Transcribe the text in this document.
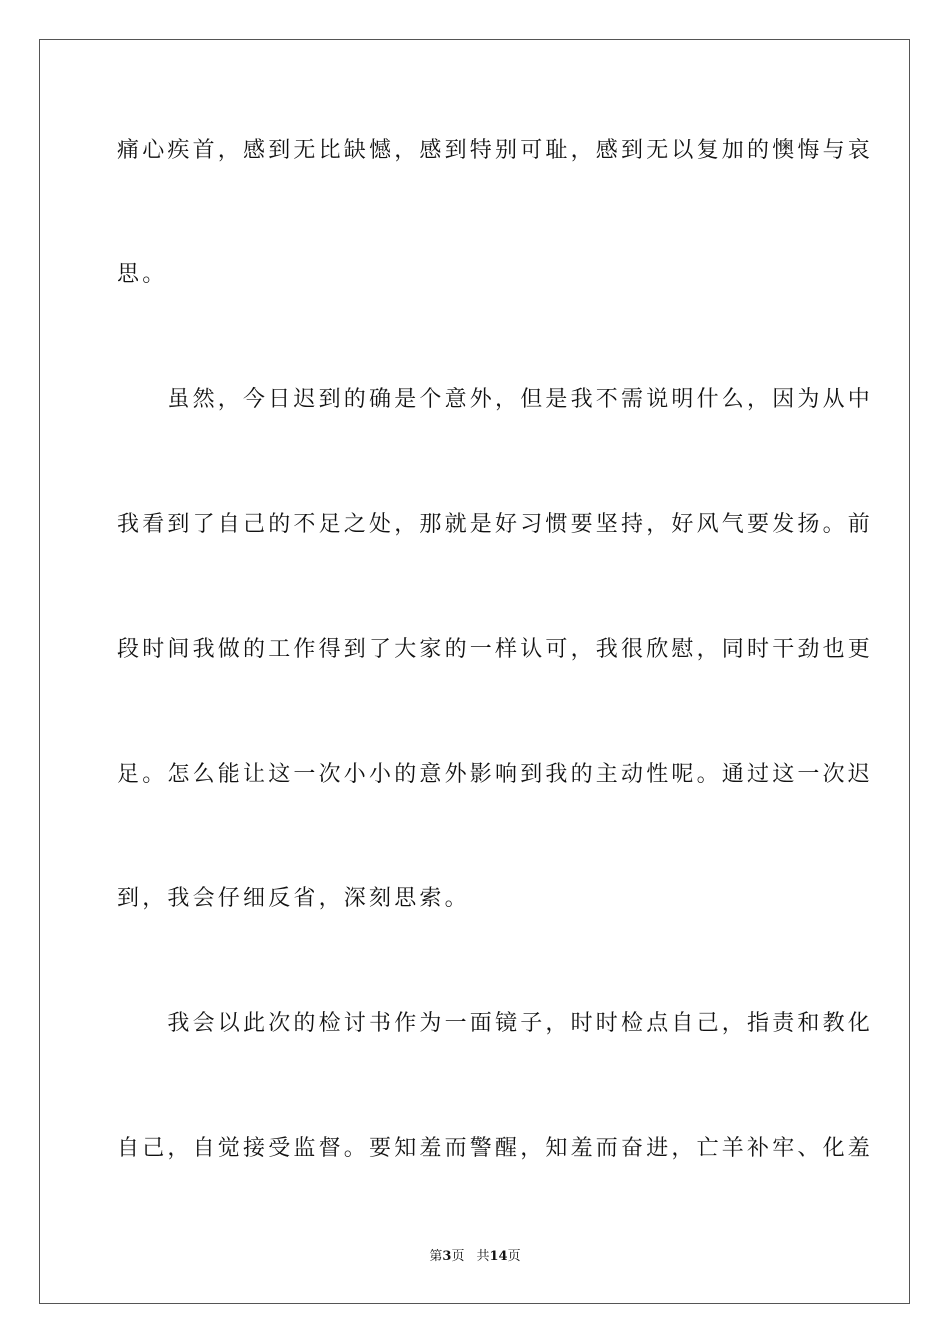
痛心疾首，感到无比缺憾，感到特别可耻，感到无以复加的懊悔与哀
思。
　　虽然，今日迟到的确是个意外，但是我不需说明什么，因为从中
我看到了自己的不足之处，那就是好习惯要坚持，好风气要发扬。前
段时间我做的工作得到了大家的一样认可，我很欣慰，同时干劲也更
足。怎么能让这一次小小的意外影响到我的主动性呢。通过这一次迟
到，我会仔细反省，深刻思索。
　　我会以此次的检讨书作为一面镜子，时时检点自己，指责和教化
自己，自觉接受监督。要知羞而警醒，知羞而奋进，亡羊补牢、化羞
第3页 共14页
